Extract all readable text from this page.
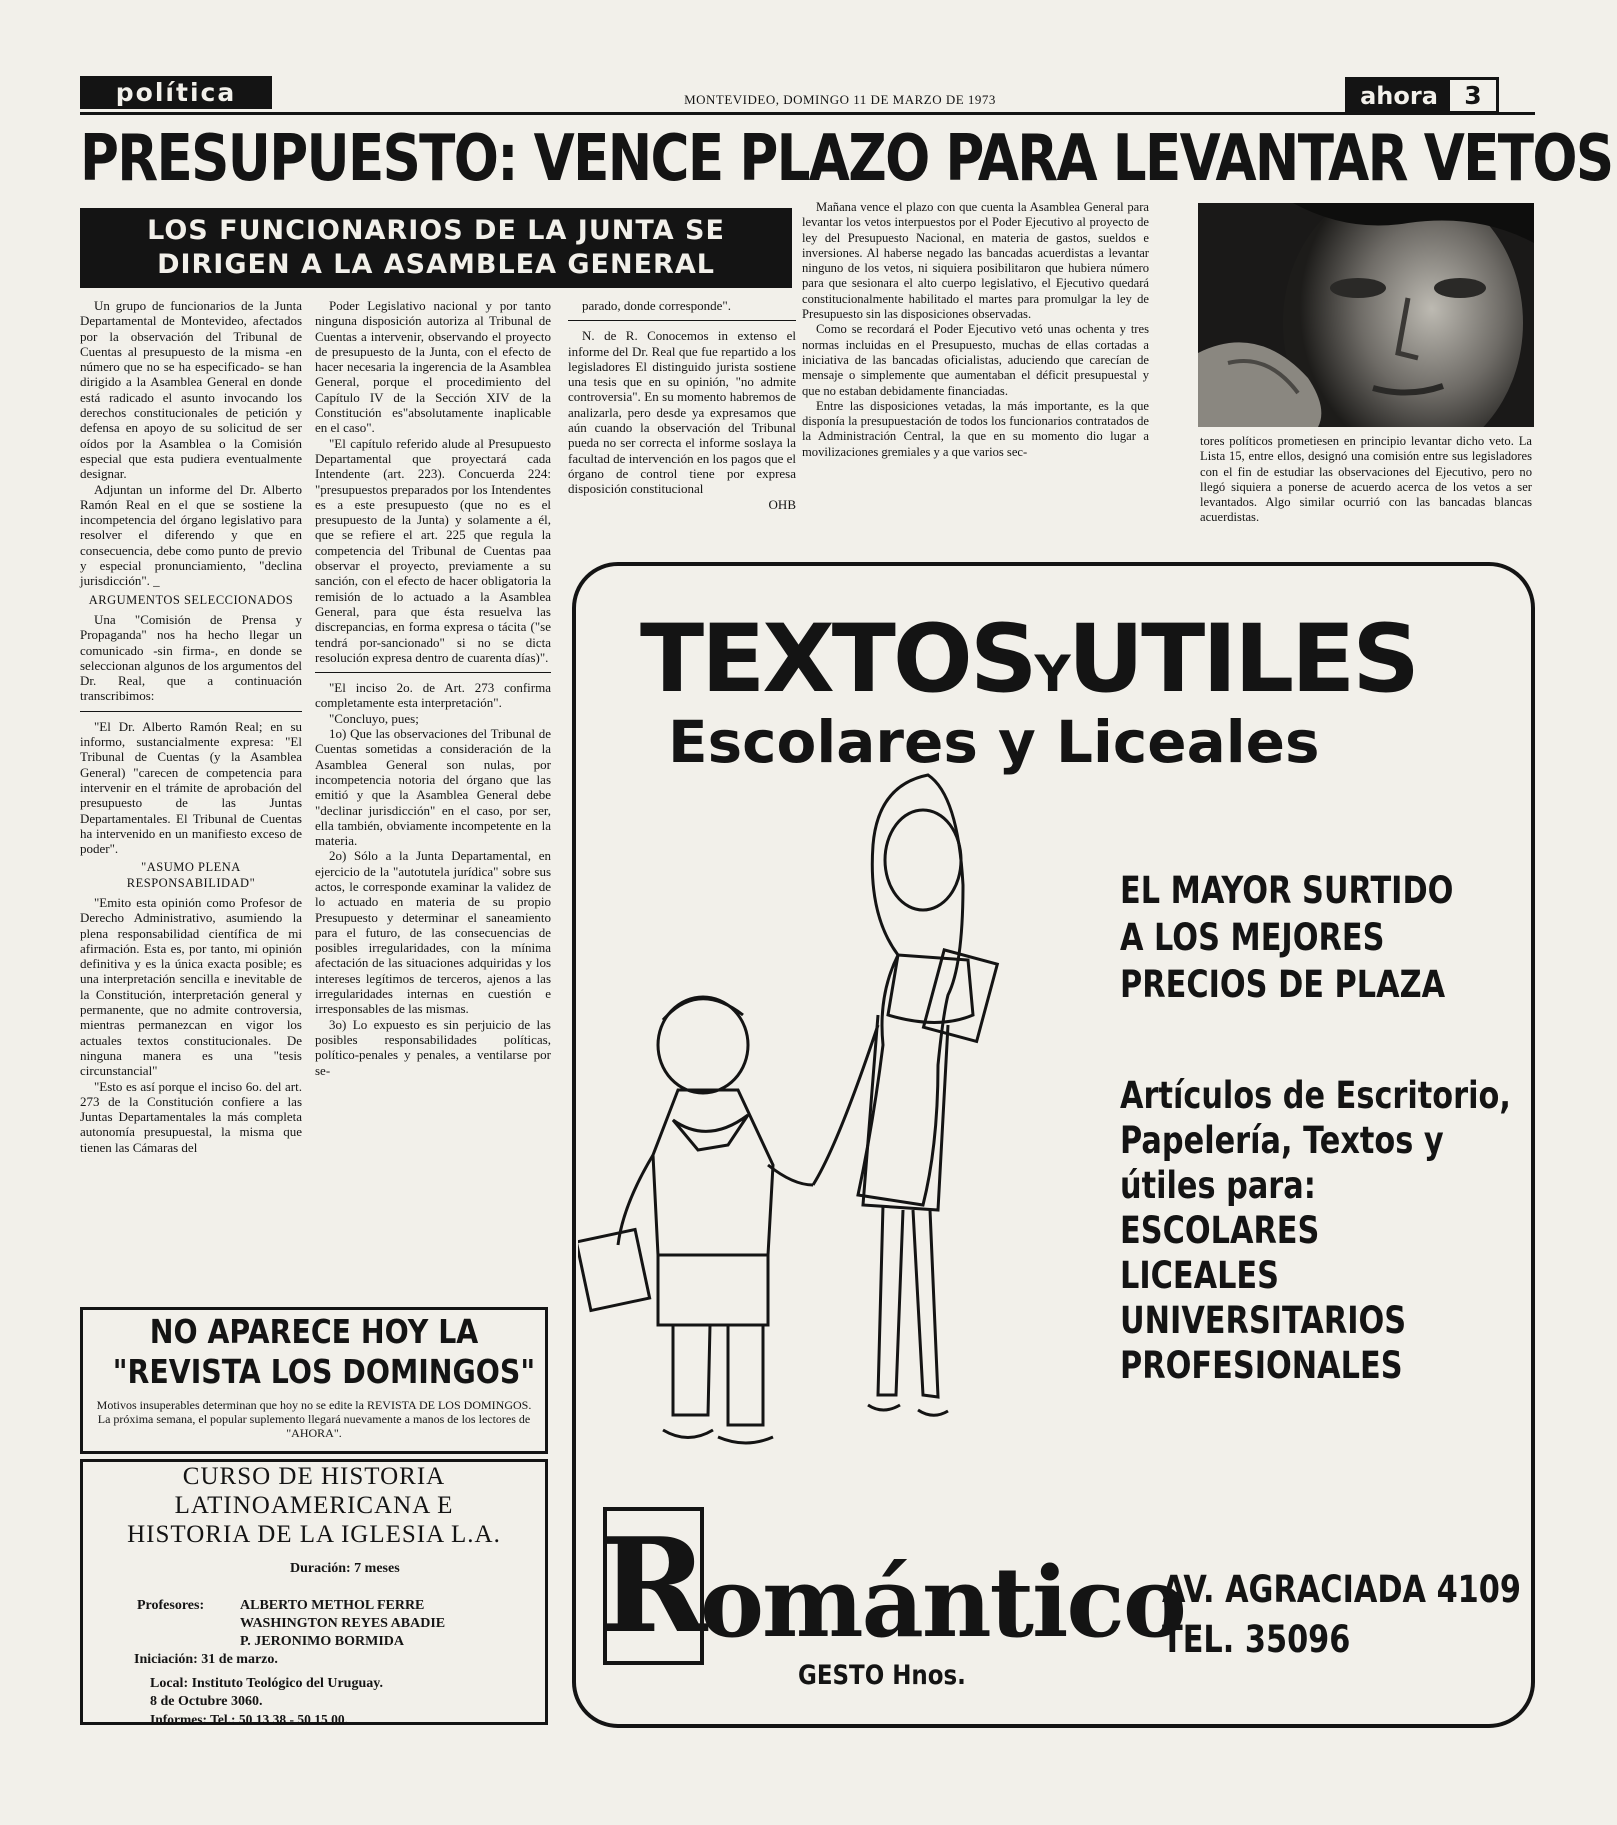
política	MONTEVIDEO, DOMINGO 11 DE MARZO DE 1973	ahora	3
PRESUPUESTO: VENCE PLAZO PARA LEVANTAR VETOS
LOS FUNCIONARIOS DE LA JUNTA SE
DIRIGEN A LA ASAMBLEA GENERAL

Un grupo de funcionarios de la Junta Departamental de Montevideo, afectados por la observación del Tribunal de Cuentas al presupuesto de la misma -en número que no se ha especificado- se han dirigido a la Asamblea General en donde está radicado el asunto invocando los derechos constitucionales de petición y defensa en apoyo de su solicitud de ser oídos por la Asamblea o la Comisión especial que esta pudiera eventualmente designar.

Adjuntan un informe del Dr. Alberto Ramón Real en el que se sostiene la incompetencia del órgano legislativo para resolver el diferendo y que en consecuencia, debe como punto de previo y especial pronunciamiento, "declina jurisdicción". _

ARGUMENTOS SELECCIONADOS

Una "Comisión de Prensa y Propaganda" nos ha hecho llegar un comunicado -sin firma-, en donde se seleccionan algunos de los argumentos del Dr. Real, que a continuación transcribimos:

"El Dr. Alberto Ramón Real; en su informo, sustancialmente expresa: "El Tribunal de Cuentas (y la Asamblea General) "carecen de competencia para intervenir en el trámite de aprobación del presupuesto de las Juntas Departamentales. El Tribunal de Cuentas ha intervenido en un manifiesto exceso de poder".

"ASUMO PLENA RESPONSABILIDAD"

"Emito esta opinión como Profesor de Derecho Administrativo, asumiendo la plena responsabilidad científica de mi afirmación. Esta es, por tanto, mi opinión definitiva y es la única exacta posible; es una interpretación sencilla e inevitable de la Constitución, interpretación general y permanente, que no admite controversia, mientras permanezcan en vigor los actuales textos constitucionales. De ninguna manera es una "tesis circunstancial"

"Esto es así porque el inciso 6o. del art. 273 de la Constitución confiere a las Juntas Departamentales la más completa autonomía presupuestal, la misma que tienen las Cámaras del

Poder Legislativo nacional y por tanto ninguna disposición autoriza al Tribunal de Cuentas a intervenir, observando el proyecto de presupuesto de la Junta, con el efecto de hacer necesaria la ingerencia de la Asamblea General, porque el procedimiento del Capítulo IV de la Sección XIV de la Constitución es"absolutamente inaplicable en el caso".

"El capítulo referido alude al Presupuesto Departamental que proyectará cada Intendente (art. 223). Concuerda 224: "presupuestos preparados por los Intendentes es a este presupuesto (que no es el presupuesto de la Junta) y solamente a él, que se refiere el art. 225 que regula la competencia del Tribunal de Cuentas paa observar el proyecto, previamente a su sanción, con el efecto de hacer obligatoria la remisión de lo actuado a la Asamblea General, para que ésta resuelva las discrepancias, en forma expresa o tácita ("se tendrá por-sancionado" si no se dicta resolución expresa dentro de cuarenta días)".

"El inciso 2o. de Art. 273 confirma completamente esta interpretación".

"Concluyo, pues;

1o) Que las observaciones del Tribunal de Cuentas sometidas a consideración de la Asamblea General son nulas, por incompetencia notoria del órgano que las emitió y que la Asamblea General debe "declinar jurisdicción" en el caso, por ser, ella también, obviamente incompetente en la materia.

2o) Sólo a la Junta Departamental, en ejercicio de la "autotutela jurídica" sobre sus actos, le corresponde examinar la validez de lo actuado en materia de su propio Presupuesto y determinar el saneamiento para el futuro, de las consecuencias de posibles irregularidades, con la mínima afectación de las situaciones adquiridas y los intereses legítimos de terceros, ajenos a las irregularidades internas en cuestión e irresponsables de las mismas.

3o) Lo expuesto es sin perjuicio de las posibles responsabilidades políticas, político-penales y penales, a ventilarse por se-

parado, donde corresponde".

N. de R. Conocemos in extenso el informe del Dr. Real que fue repartido a los legisladores El distinguido jurista sostiene una tesis que en su opinión, "no admite controversia". En su momento habremos de analizarla, pero desde ya expresamos que aún cuando la observación del Tribunal pueda no ser correcta el informe soslaya la facultad de intervención en los pagos que el órgano de control tiene por expresa disposición constitucional

OHB

Mañana vence el plazo con que cuenta la Asamblea General para levantar los vetos interpuestos por el Poder Ejecutivo al proyecto de ley del Presupuesto Nacional, en materia de gastos, sueldos e inversiones. Al haberse negado las bancadas acuerdistas a levantar ninguno de los vetos, ni siquiera posibilitaron que hubiera número para que sesionara el alto cuerpo legislativo, el Ejecutivo quedará constitucionalmente habilitado el martes para promulgar la ley de Presupuesto sin las disposiciones observadas.

Como se recordará el Poder Ejecutivo vetó unas ochenta y tres normas incluidas en el Presupuesto, muchas de ellas cortadas a iniciativa de las bancadas oficialistas, aduciendo que carecían de mensaje o simplemente que aumentaban el déficit presupuestal y que no estaban debidamente financiadas.

Entre las disposiciones vetadas, la más importante, es la que disponía la presupuestación de todos los funcionarios contratados de la Administración Central, la que en su momento dio lugar a movilizaciones gremiales y a que varios sec-

tores políticos prometiesen en principio levantar dicho veto. La Lista 15, entre ellos, designó una comisión entre sus legisladores con el fin de estudiar las observaciones del Ejecutivo, pero no llegó siquiera a ponerse de acuerdo acerca de los vetos a ser levantados. Algo similar ocurrió con las bancadas blancas acuerdistas.

TEXTOSYUTILES
Escolares y Liceales
EL MAYOR SURTIDO
A LOS MEJORES
PRECIOS DE PLAZA
Artículos de Escritorio,
Papelería, Textos y
útiles para:
ESCOLARES
LICEALES
UNIVERSITARIOS
PROFESIONALES
R
omántico
AV. AGRACIADA 4109
TEL. 35096
GESTO Hnos.
NO APARECE HOY LA
"REVISTA LOS DOMINGOS"
Motivos insuperables determinan que hoy no se edite la REVISTA DE LOS DOMINGOS. La próxima semana, el popular suplemento llegará nuevamente a manos de los lectores de "AHORA".
CURSO DE HISTORIA
LATINOAMERICANA E
HISTORIA DE LA IGLESIA L.A.
Duración: 7 meses
Profesores:	ALBERTO METHOL FERRE
WASHINGTON REYES ABADIE
P. JERONIMO BORMIDA
Iniciación: 31 de marzo.
Local: Instituto Teológico del Uruguay.
8 de Octubre 3060.
Informes: Tel.: 50 13 38 - 50 15 00.
